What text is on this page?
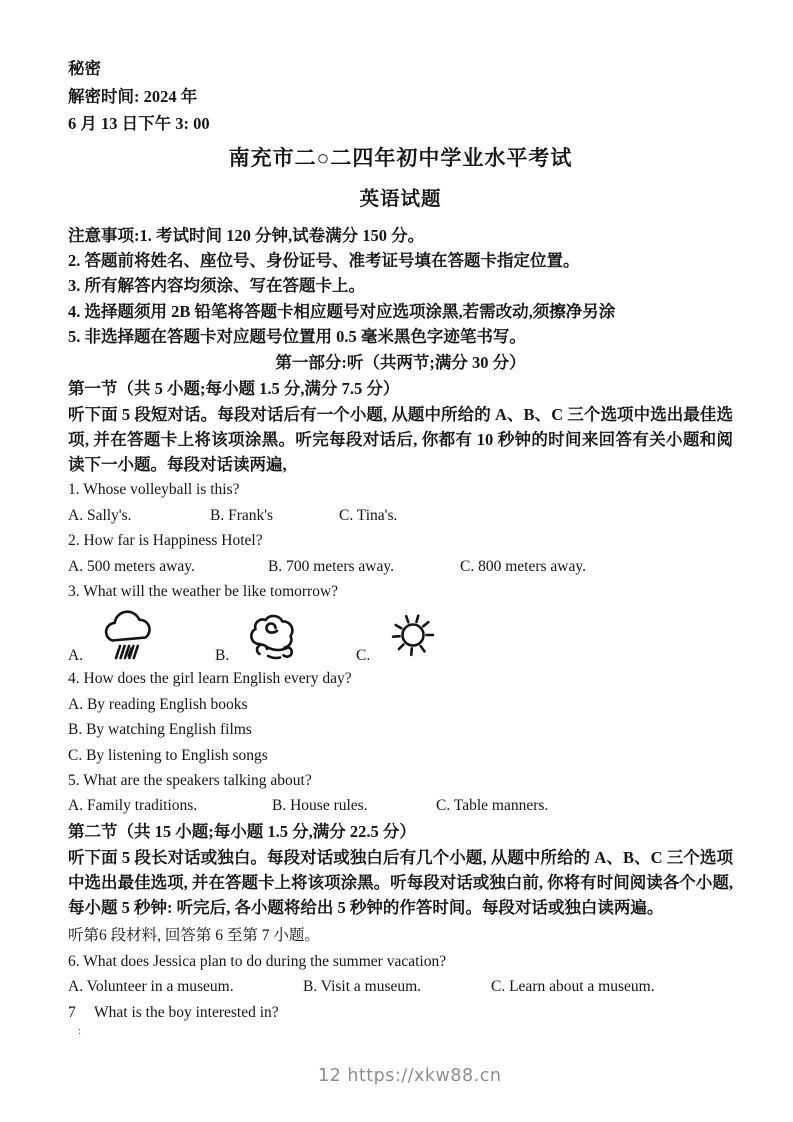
秘密
解密时间: 2024 年
6 月 13 日下午 3: 00
南充市二○二四年初中学业水平考试
英语试题
注意事项:1. 考试时间 120 分钟,试卷满分 150 分。
2. 答题前将姓名、座位号、身份证号、准考证号填在答题卡指定位置。
3. 所有解答内容均须涂、写在答题卡上。
4. 选择题须用 2B 铅笔将答题卡相应题号对应选项涂黑,若需改动,须擦净另涂
5. 非选择题在答题卡对应题号位置用 0.5 毫米黑色字迹笔书写。
第一部分:听（共两节;满分 30 分）
第一节（共 5 小题;每小题 1.5 分,满分 7.5 分）
听下面 5 段短对话。每段对话后有一个小题, 从题中所给的 A、B、C 三个选项中选出最佳选项, 并在答题卡上将该项涂黑。听完每段对话后, 你都有 10 秒钟的时间来回答有关小题和阅读下一小题。每段对话读两遍,
1. Whose volleyball is this?
A. Sally's.	B. Frank's	C. Tina's.
2. How far is Happiness Hotel?
A. 500 meters away.	B. 700 meters away.	C. 800 meters away.
3. What will the weather be like tomorrow?
A.	B.	C.
4. How does the girl learn English every day?
A. By reading English books
B. By watching English films
C. By listening to English songs
5. What are the speakers talking about?
A. Family traditions.	B. House rules.	C. Table manners.
第二节（共 15 小题;每小题 1.5 分,满分 22.5 分）
听下面 5 段长对话或独白。每段对话或独白后有几个小题, 从题中所给的 A、B、C 三个选项中选出最佳选项, 并在答题卡上将该项涂黑。听每段对话或独白前, 你将有时间阅读各个小题, 每小题 5 秒钟: 听完后, 各小题将给出 5 秒钟的作答时间。每段对话或独白读两遍。
听第6 段材料, 回答第 6 至第 7 小题。
6. What does Jessica plan to do during the summer vacation?
A. Volunteer in a museum.	B. Visit a museum.	C. Learn about a museum.
7 What is the boy interested in?
:
12 https://xkw88.cn
